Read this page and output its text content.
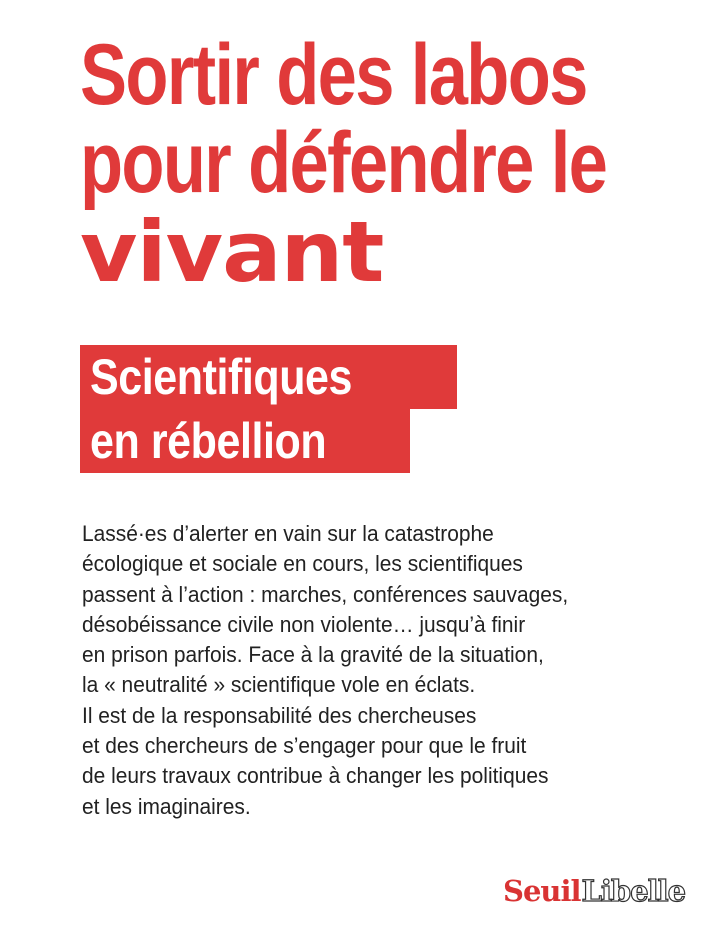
Sortir des labos
pour défendre le
vivant
Scientifiques
en rébellion
Lassé·es d’alerter en vain sur la catastrophe
écologique et sociale en cours, les scientifiques
passent à l’action : marches, conférences sauvages,
désobéissance civile non violente… jusqu’à finir
en prison parfois. Face à la gravité de la situation,
la « neutralité » scientifique vole en éclats.
Il est de la responsabilité des chercheuses
et des chercheurs de s’engager pour que le fruit
de leurs travaux contribue à changer les politiques
et les imaginaires.
Seuil Libelle
